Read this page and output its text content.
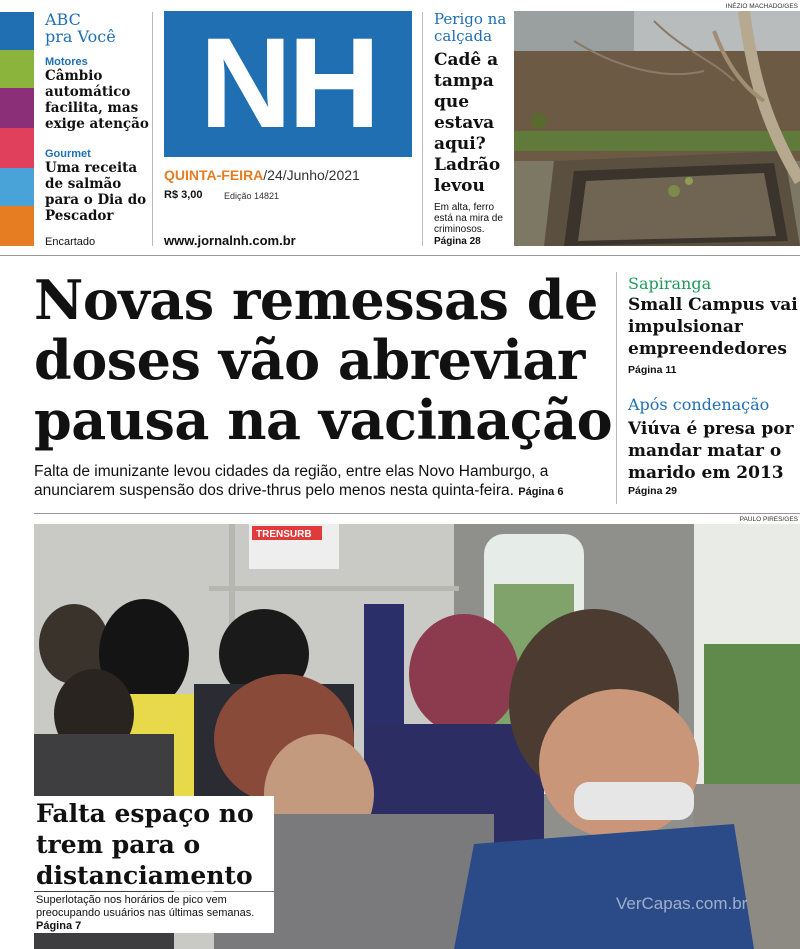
ABC
pra Você
Motores
Câmbio automático facilita, mas exige atenção
Gourmet
Uma receita de salmão para o Dia do Pescador
Encartado
NH
QUINTA-FEIRA/24/Junho/2021
R$ 3,00 Edição 14821
www.jornalnh.com.br
Perigo na calçada
Cadê a tampa que estava aqui? Ladrão levou
Em alta, ferro está na mira de criminosos.
Página 28
INÉZIO MACHADO/GES
Novas remessas de doses vão abreviar pausa na vacinação
Falta de imunizante levou cidades da região, entre elas Novo Hamburgo, a anunciarem suspensão dos drive-thrus pelo menos nesta quinta-feira. Página 6
Sapiranga
Small Campus vai impulsionar empreendedores
Página 11
Após condenação
Viúva é presa por mandar matar o marido em 2013
Página 29
PAULO PIRES/GES
TRENSURB
Falta espaço no trem para o distanciamento
Superlotação nos horários de pico vem preocupando usuários nas últimas semanas.
Página 7
VerCapas.com.br
